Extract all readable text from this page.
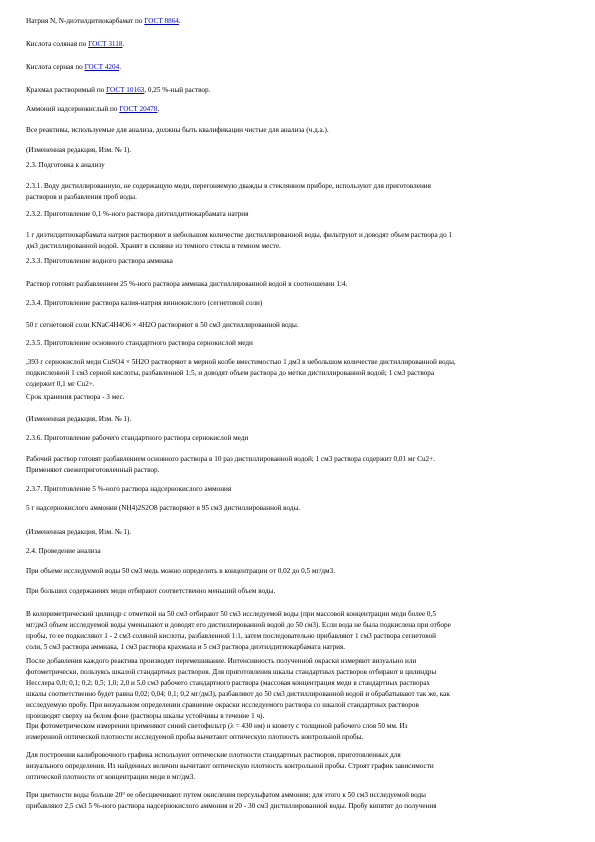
Натрия N, N-диэтилдитиокарбамат по ГОСТ 8864.
Кислота соляная по ГОСТ 3118.
Кислота серная по ГОСТ 4204.
Крахмал растворимый по ГОСТ 10163, 0,25 %-ный раствор.
Аммоний надсернокислый по ГОСТ 20478.
Все реактивы, используемые для анализа, должны быть квалификации чистые для анализа (ч.д.а.).
(Измененная редакция, Изм. № 1).
2.3. Подготовка к анализу
2.3.1. Воду дистиллированную, не содержащую меди, перегоняемую дважды в стеклянном приборе, используют для приготовления
растворов и разбавления проб воды.
2.3.2. Приготовление 0,1 %-ного раствора диэтилдитиокарбамата натрия
1 г диэтилдитиокарбамата натрия растворяют в небольшом количестве дистиллированной воды, фильтруют и доводят объем раствора до 1
дм3 дистиллированной водой. Хранят в склянке из темного стекла в темном месте.
2.3.3. Приготовление водного раствора аммиака
Раствор готовят разбавлением 25 %-ного раствора аммиака дистиллированной водой в соотношении 1:4.
2.3.4. Приготовление раствора калия-натрия виннокислого (сегнетовой соли)
50 г сегнетовой соли KNaC4H4O6 × 4H2O растворяют в 50 см3 дистиллированной воды.
2.3.5. Приготовление основного стандартного раствора сернокислой меди
,393 г сернокислой меди CuSO4 × 5H2O растворяют в мерной колбе вместимостью 1 дм3 в небольшом количестве дистиллированной воды,
подкисленной 1 см3 серной кислоты, разбавленной 1:5, и доводят объем раствора до метки дистиллированной водой; 1 см3 раствора
содержит 0,1 мг Cu2+.
Срок хранения раствора - 3 мес.
(Измененная редакция, Изм. № 1).
2.3.6. Приготовление рабочего стандартного раствора сернокислой меди
Рабочий раствор готовят разбавлением основного раствора в 10 раз дистиллированной водой; 1 см3 раствора содержит 0,01 мг Cu2+.
Применяют свежеприготовленный раствор.
2.3.7. Приготовление 5 %-ного раствора надсернокислого аммония
5 г надсернокислого аммония (NH4)2S2O8 растворяют в 95 см3 дистиллированной воды.
(Измененная редакция, Изм. № 1).
2.4. Проведение анализа
При объеме исследуемой воды 50 см3 медь можно определить в концентрации от 0,02 до 0,5 мг/дм3.
При больших содержаниях меди отбирают соответственно меньший объем воды.
В колориметрический цилиндр с отметкой на 50 см3 отбирают 50 см3 исследуемой воды (при массовой концентрации меди более 0,5
мг/дм3 объем исследуемой воды уменьшают и доводят его дистиллированной водой до 50 см3). Если вода не была подкислена при отборе
пробы, то ее подкисляют 1 - 2 см3 соляной кислоты, разбавленной 1:1, затем последовательно прибавляют 1 см3 раствора сегнетовой
соли, 5 см3 раствора аммиака, 1 см3 раствора крахмала и 5 см3 раствора диэтилдитиокарбамата натрия.
После добавления каждого реактива производят перемешивание. Интенсивность полученной окраски измеряют визуально или
фотометрически, пользуясь шкалой стандартных растворов. Для приготовления шкалы стандартных растворов отбирают в цилиндры
Несслера 0,0; 0,1; 0,2; 0,5; 1,0; 2,0 и 5,0 см3 рабочего стандартного раствора (массовая концентрация меди в стандартных растворах
шкалы соответственно будет равна 0,02; 0,04; 0,1; 0,2 мг/дм3), разбавляют до 50 см3 дистиллированной водой и обрабатывают так же, как
исследуемую пробу. При визуальном определении сравнение окраски исследуемого раствора со шкалой стандартных растворов
производят сверху на белом фоне (растворы шкалы устойчивы в течение 1 ч).
При фотометрическом измерении применяют синий светофильтр (λ = 430 нм) и кювету с толщиной рабочего слоя 50 мм. Из
измеренной оптической плотности исследуемой пробы вычитают оптическую плотность контрольной пробы.
Для построения калибровочного графика используют оптические плотности стандартных растворов, приготовленных для
визуального определения. Из найденных величин вычитают оптическую плотность контрольной пробы. Строят график зависимости
оптической плотности от концентрации меди в мг/дм3.
При цветности воды больше 20° ее обесцвечивают путем окисления персульфатом аммония; для этого к 50 см3 исследуемой воды
прибавляют 2,5 см3 5 %-ного раствора надсернокислого аммония и 20 - 30 см3 дистиллированной воды. Пробу кипятят до получения
